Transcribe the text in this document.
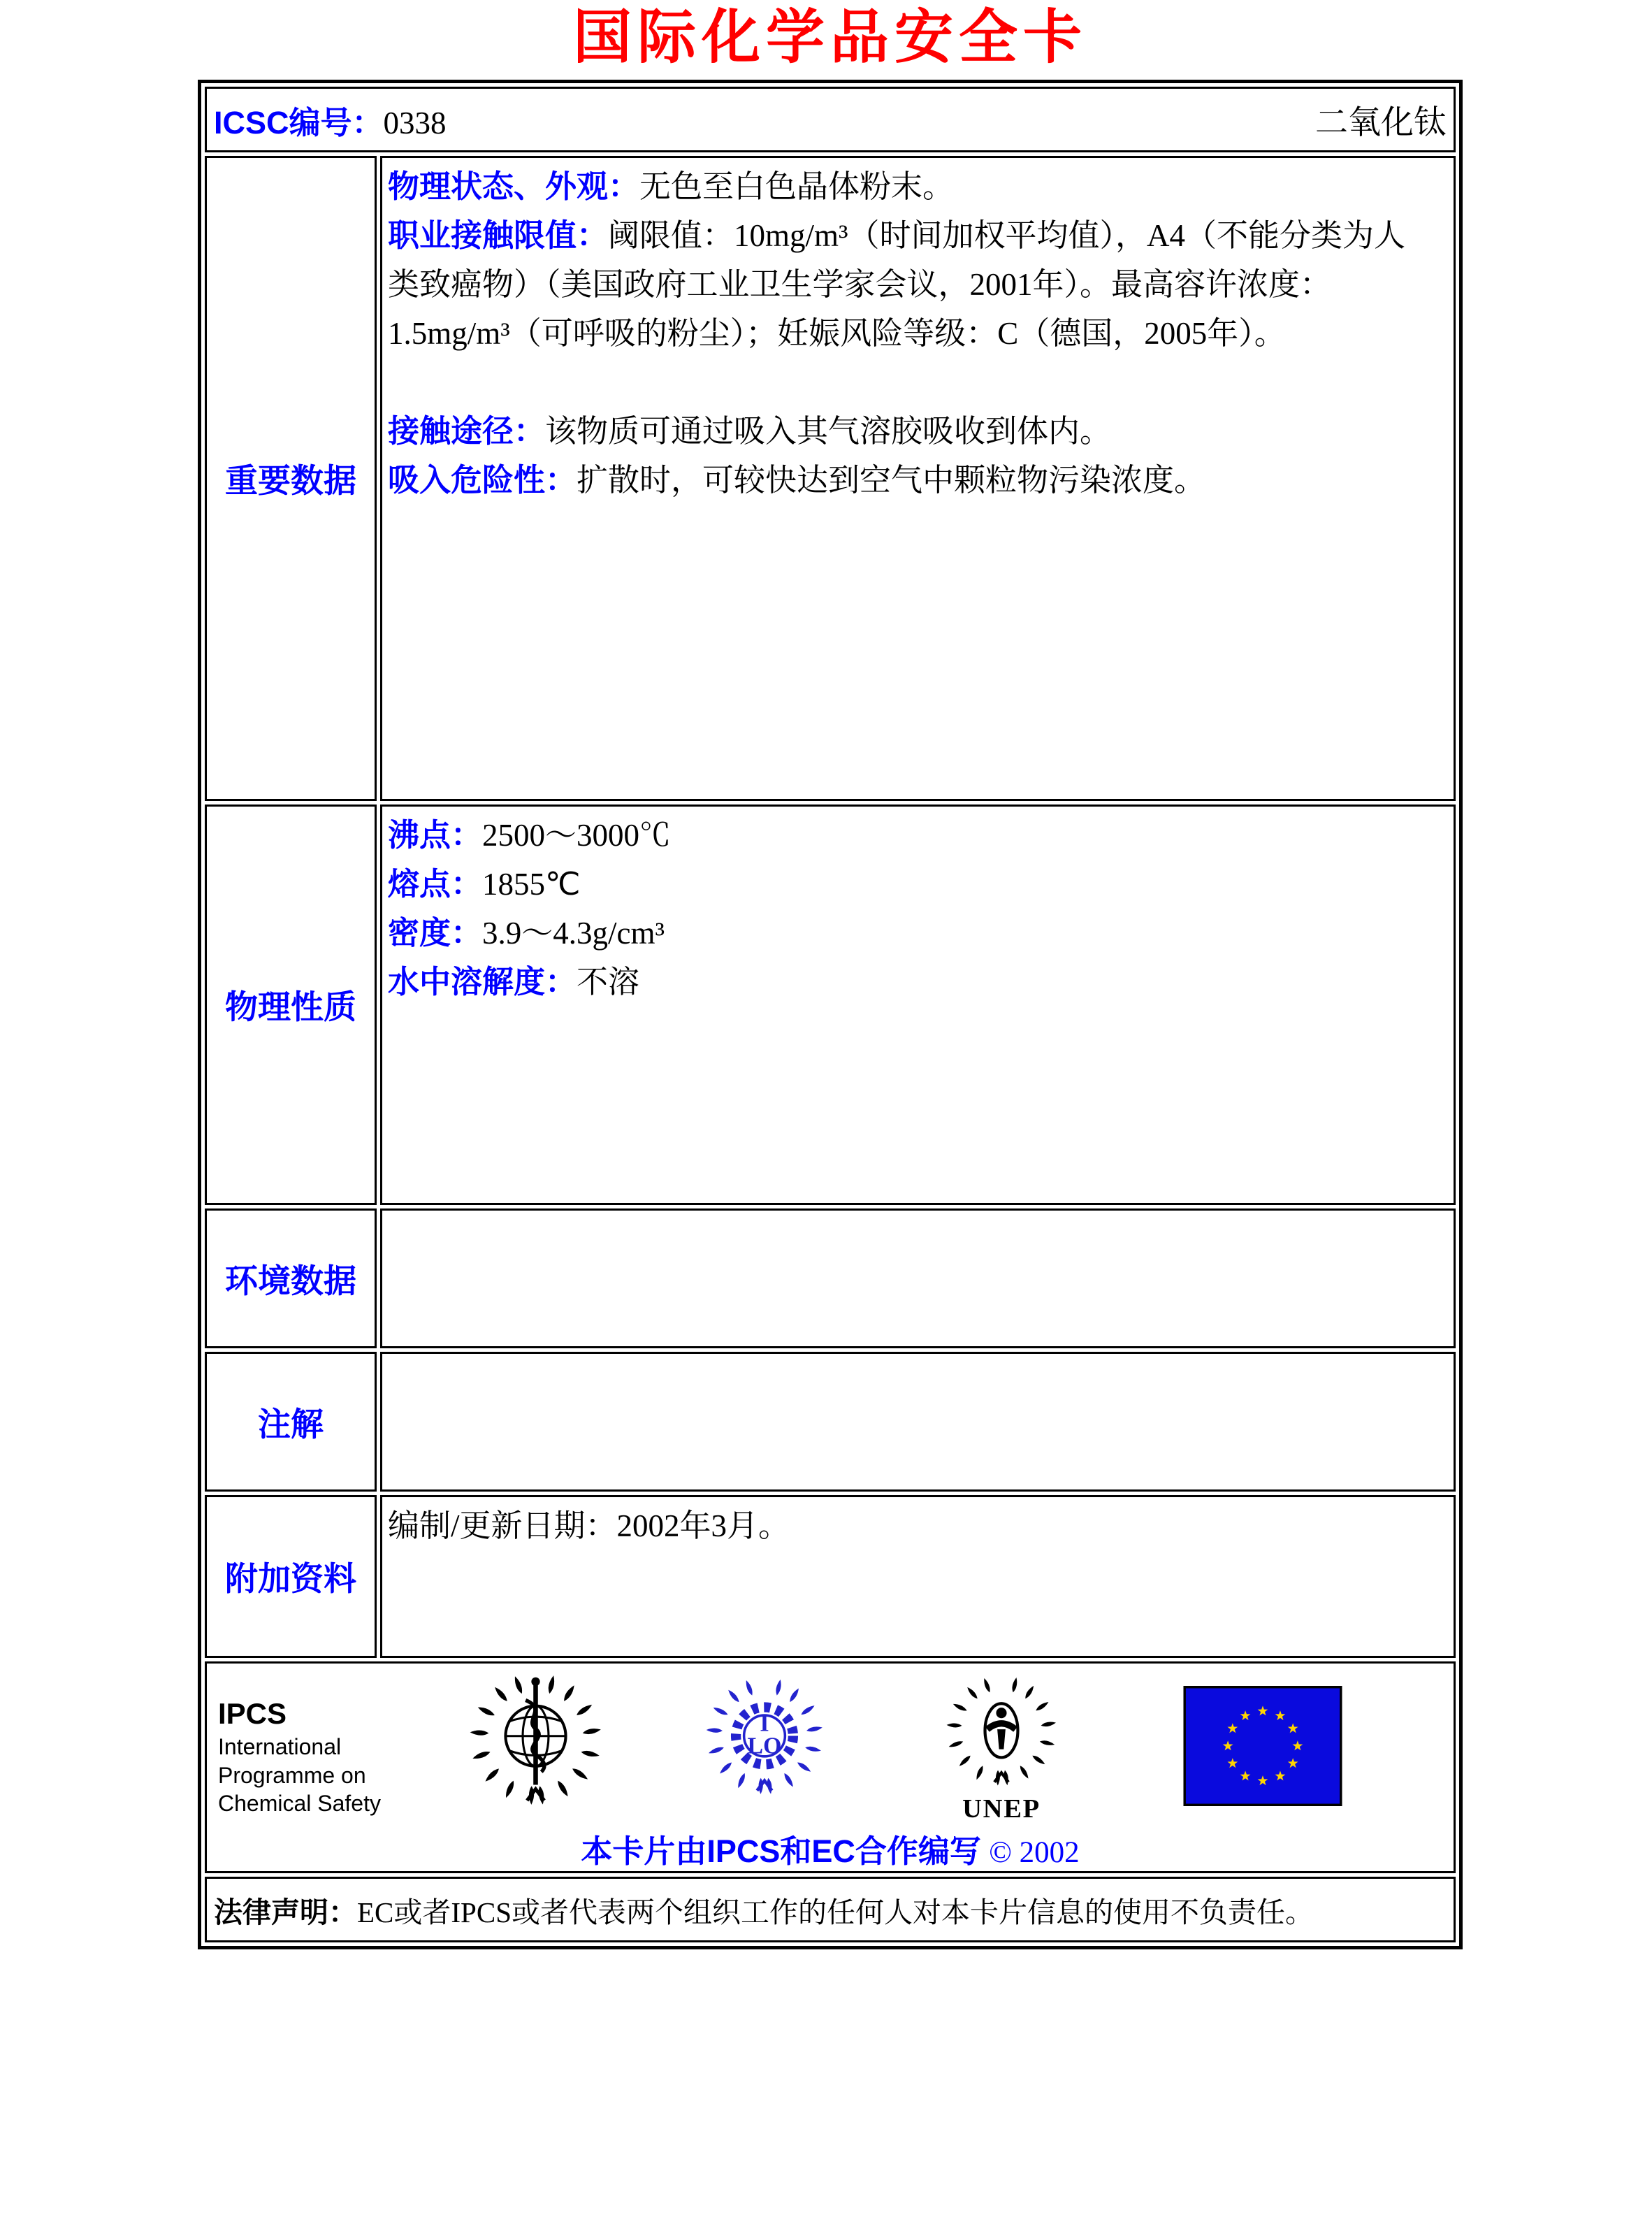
国际化学品安全卡
ICSC编号：0338 二氧化钛	

重要数据	物理状态、外观：无色至白色晶体粉末。

职业接触限值：阈限值：10mg/m³（时间加权平均值），A4（不能分类为人类致癌物）（美国政府工业卫生学家会议，2001年）。最高容许浓度：1.5mg/m³（可呼吸的粉尘）；妊娠风险等级：C（德国，2005年）。

接触途径：该物质可通过吸入其气溶胶吸收到体内。

吸入危险性：扩散时，可较快达到空气中颗粒物污染浓度。

物理性质	沸点：2500～3000℃

熔点：1855℃

密度：3.9～4.3g/cm³

水中溶解度：不溶

环境数据	
注解	
附加资料	编制/更新日期：2002年3月。

IPCS
International
Programme on
Chemical Safety
I
LO
UNEP
本卡片由IPCS和EC合作编写 © 2002

法律声明：EC或者IPCS或者代表两个组织工作的任何人对本卡片信息的使用不负责任。	
